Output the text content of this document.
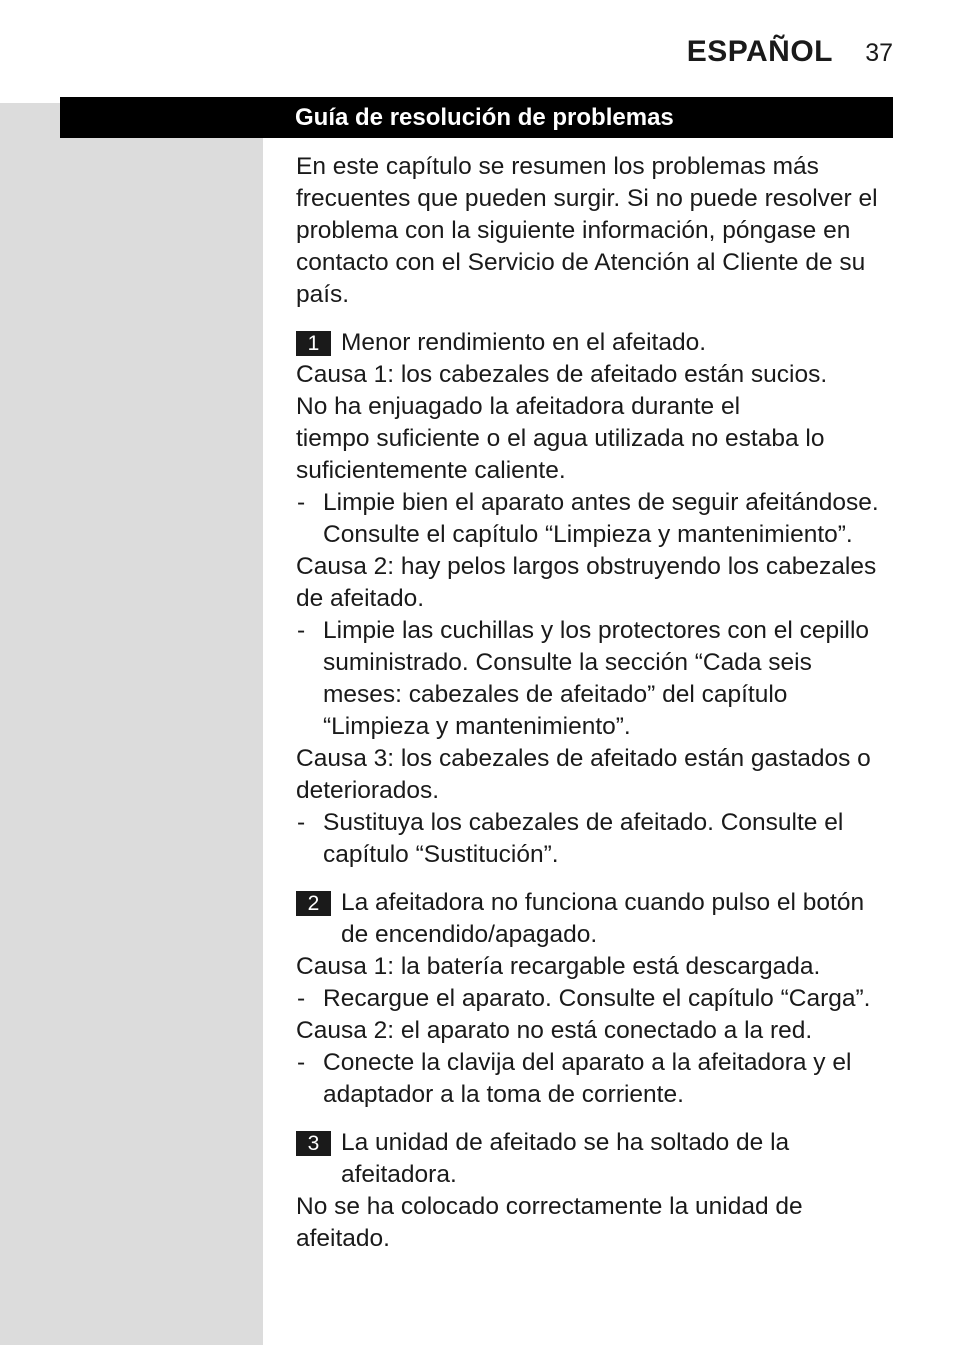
ESPAÑOL 37
Guía de resolución de problemas

En este capítulo se resumen los problemas más frecuentes que pueden surgir. Si no puede resolver el problema con la siguiente información, póngase en contacto con el Servicio de Atención al Cliente de su país.

1 Menor rendimiento en el afeitado.

Causa 1: los cabezales de afeitado están sucios.

No ha enjuagado la afeitadora durante el

tiempo suficiente o el agua utilizada no estaba lo suficientemente caliente.

- Limpie bien el aparato antes de seguir afeitándose. Consulte el capítulo “Limpieza y mantenimiento”.

Causa 2: hay pelos largos obstruyendo los cabezales de afeitado.

- Limpie las cuchillas y los protectores con el cepillo suministrado. Consulte la sección “Cada seis meses: cabezales de afeitado” del capítulo “Limpieza y mantenimiento”.

Causa 3: los cabezales de afeitado están gastados o deteriorados.

- Sustituya los cabezales de afeitado. Consulte el capítulo “Sustitución”.

2 La afeitadora no funciona cuando pulso el botón de encendido/apagado.

Causa 1: la batería recargable está descargada.

- Recargue el aparato. Consulte el capítulo “Carga”.

Causa 2: el aparato no está conectado a la red.

- Conecte la clavija del aparato a la afeitadora y el adaptador a la toma de corriente.

3 La unidad de afeitado se ha soltado de la afeitadora.

No se ha colocado correctamente la unidad de afeitado.
